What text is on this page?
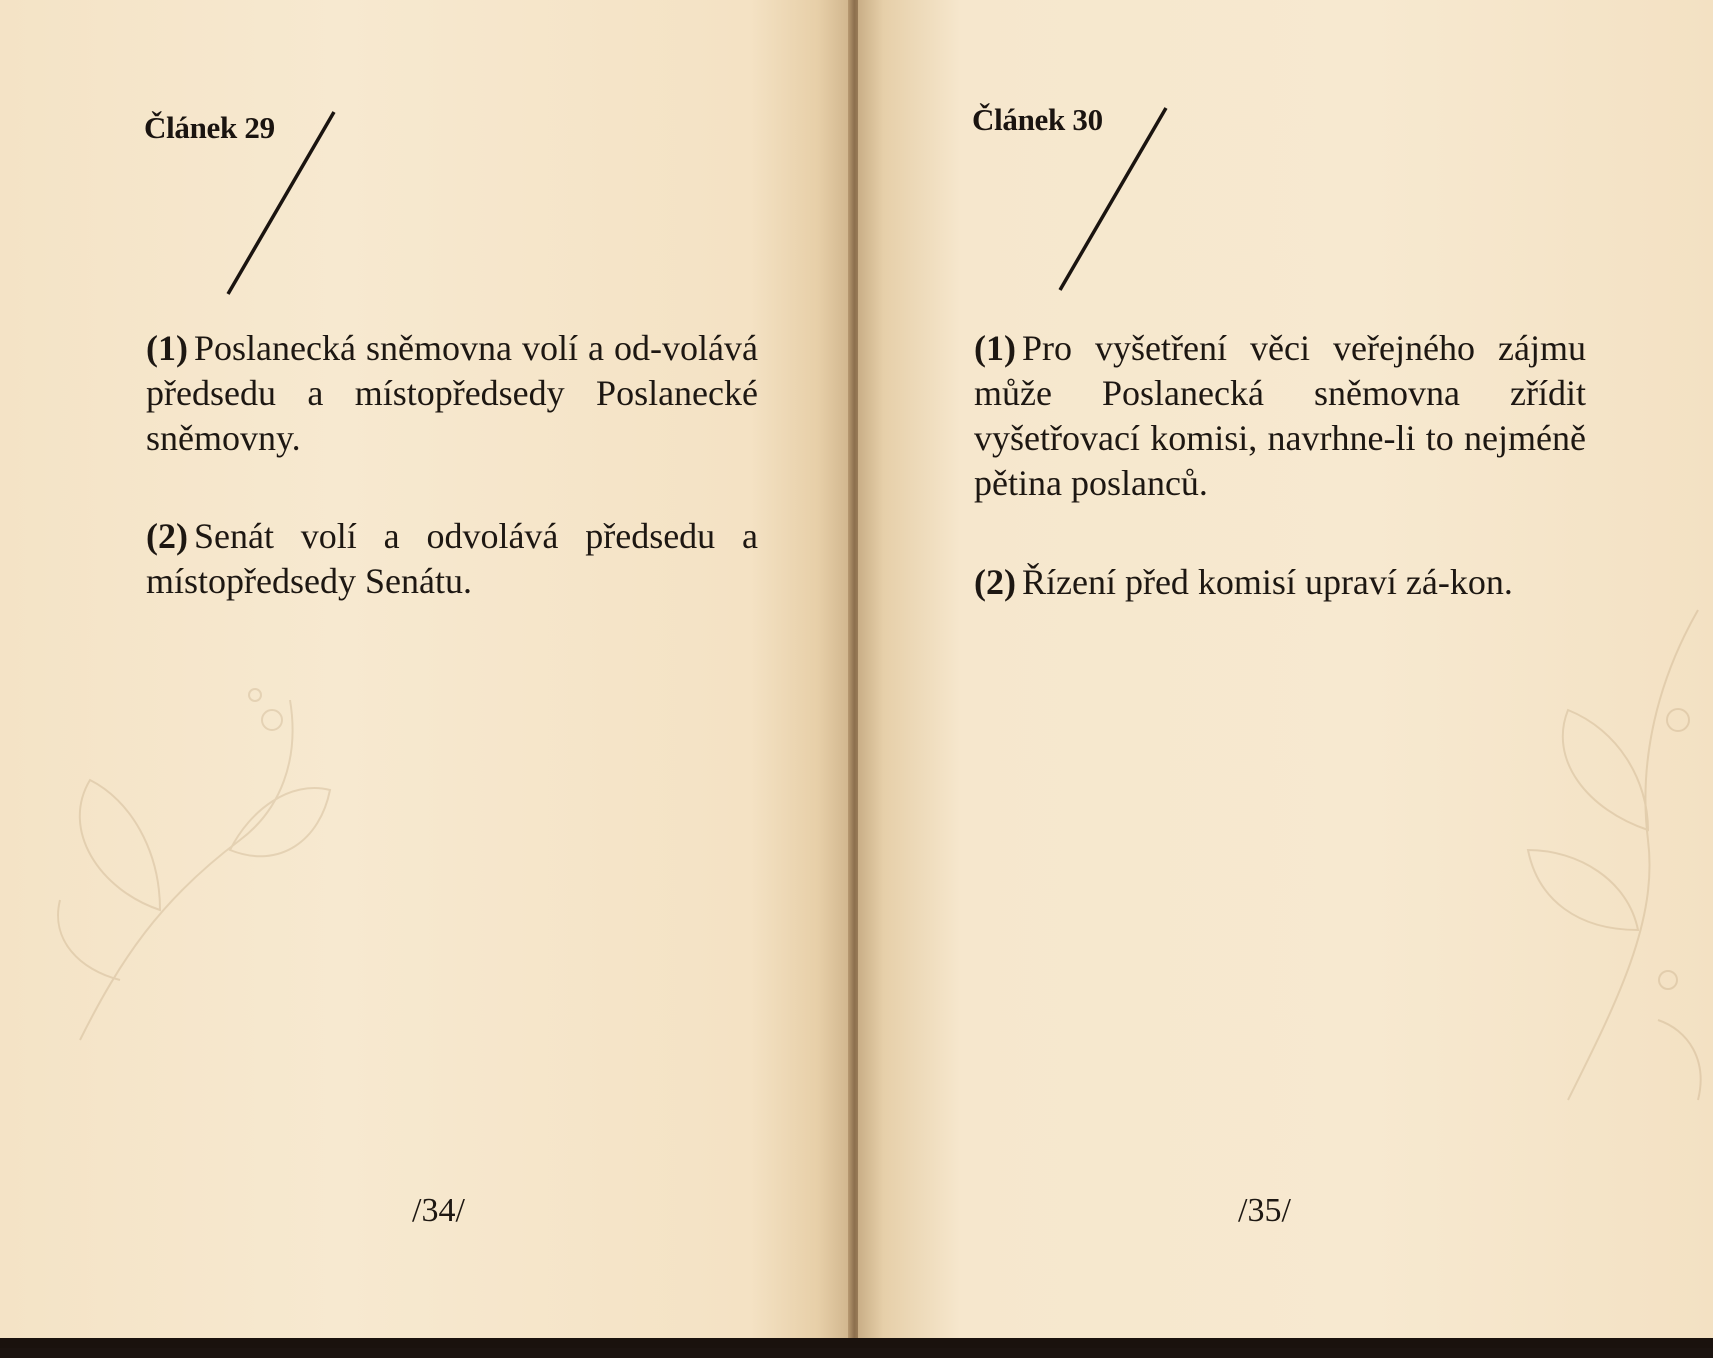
Článek 29
(1) Poslanecká sněmovna volí a od-volává předsedu a místopředsedy Poslanecké sněmovny.
(2) Senát volí a odvolává předsedu a místopředsedy Senátu.
/34/
Článek 30
(1) Pro vyšetření věci veřejného zájmu může Poslanecká sněmovna zřídit vyšetřovací komisi, navrhne-li to nejméně pětina poslanců.
(2) Řízení před komisí upraví zá-kon.
/35/
